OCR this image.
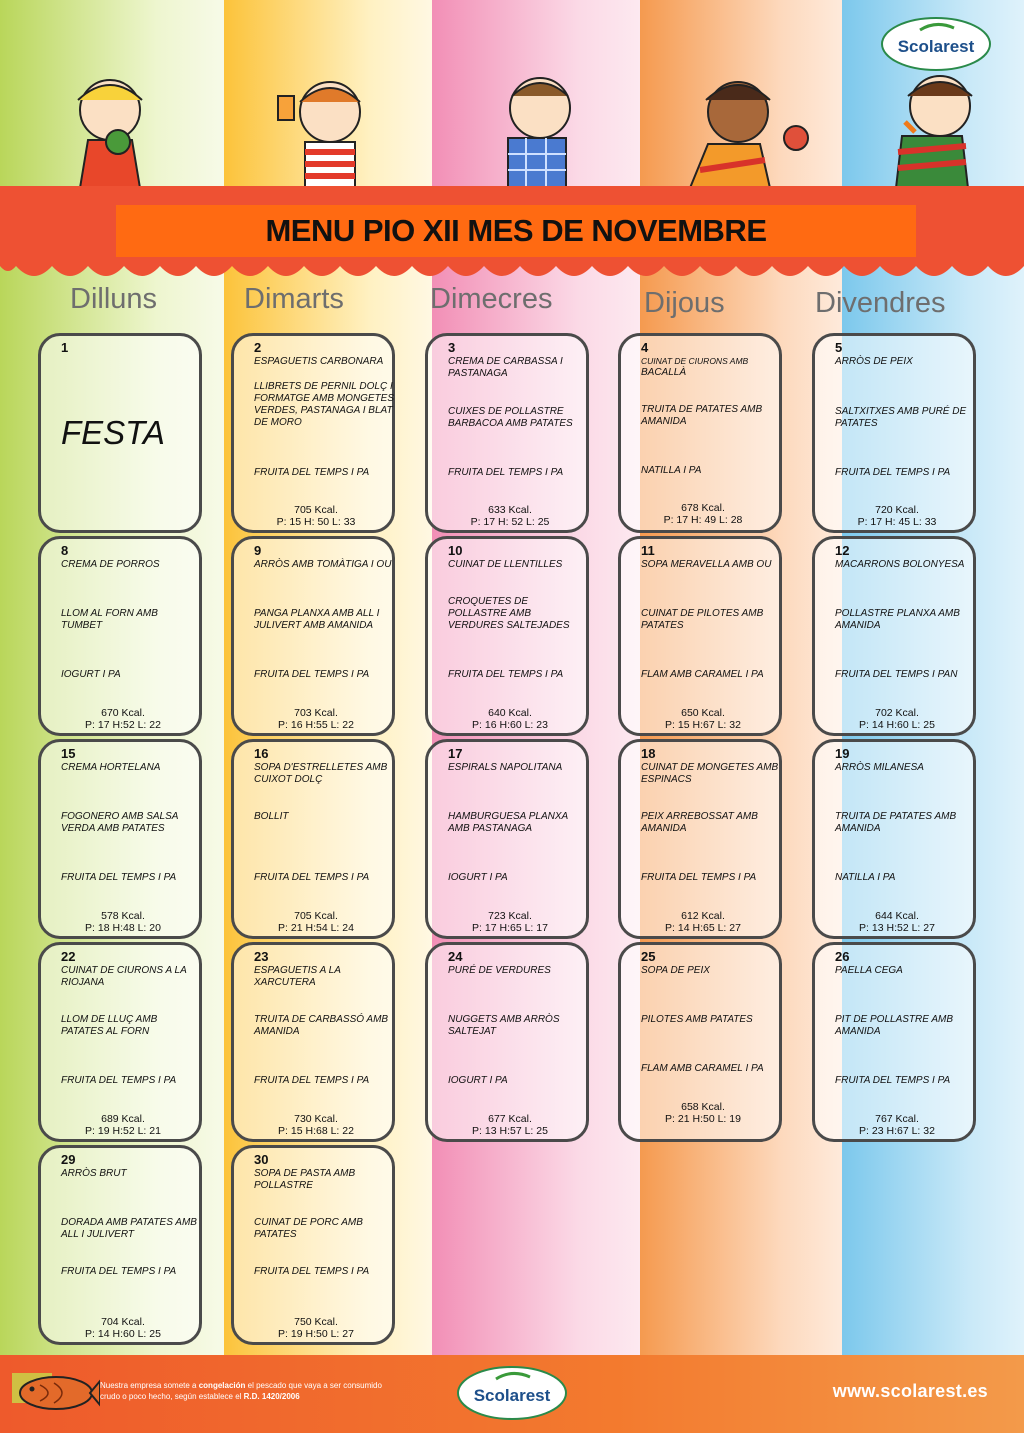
Scolarest
MENU PIO XII MES DE NOVEMBRE
Dilluns	Dimarts	Dimecres	Dijous	Divendres
1
FESTA
2
ESPAGUETIS CARBONARA
LLIBRETS DE PERNIL DOLÇ I FORMATGE AMB MONGETES VERDES, PASTANAGA I BLAT DE MORO
FRUITA DEL TEMPS I PA
705 Kcal.
P: 15 H: 50 L: 33
3
CREMA DE CARBASSA I PASTANAGA
CUIXES DE POLLASTRE BARBACOA AMB PATATES
FRUITA DEL TEMPS I PA
633 Kcal.
P: 17 H: 52 L: 25
4
CUINAT DE CIURONS AMB
BACALLÀ
TRUITA DE PATATES AMB AMANIDA
NATILLA I PA
678 Kcal.
P: 17 H: 49 L: 28
5
ARRÒS DE PEIX
SALTXITXES AMB PURÉ DE PATATES
FRUITA DEL TEMPS I PA
720 Kcal.
P: 17 H: 45 L: 33
8
CREMA DE PORROS
LLOM AL FORN AMB TUMBET
IOGURT I PA
670 Kcal.
P: 17 H:52 L: 22
9
ARRÒS AMB TOMÀTIGA I OU
PANGA PLANXA AMB ALL I JULIVERT AMB AMANIDA
FRUITA DEL TEMPS I PA
703 Kcal.
P: 16 H:55 L: 22
10
CUINAT DE LLENTILLES
CROQUETES DE POLLASTRE AMB VERDURES SALTEJADES
FRUITA DEL TEMPS I PA
640 Kcal.
P: 16 H:60 L: 23
11
SOPA MERAVELLA AMB OU
CUINAT DE PILOTES AMB PATATES
FLAM AMB CARAMEL I PA
650 Kcal.
P: 15 H:67 L: 32
12
MACARRONS BOLONYESA
POLLASTRE PLANXA AMB AMANIDA
FRUITA DEL TEMPS I PAN
702 Kcal.
P: 14 H:60 L: 25
15
CREMA HORTELANA
FOGONERO AMB SALSA VERDA AMB PATATES
FRUITA DEL TEMPS I PA
578 Kcal.
P: 18 H:48 L: 20
16
SOPA D'ESTRELLETES AMB CUIXOT DOLÇ
BOLLIT
FRUITA DEL TEMPS I PA
705 Kcal.
P: 21 H:54 L: 24
17
ESPIRALS NAPOLITANA
HAMBURGUESA PLANXA AMB PASTANAGA
IOGURT I PA
723 Kcal.
P: 17 H:65 L: 17
18
CUINAT DE MONGETES AMB ESPINACS
PEIX ARREBOSSAT AMB AMANIDA
FRUITA DEL TEMPS I PA
612 Kcal.
P: 14 H:65 L: 27
19
ARRÒS MILANESA
TRUITA DE PATATES AMB AMANIDA
NATILLA I PA
644 Kcal.
P: 13 H:52 L: 27
22
CUINAT DE CIURONS A LA RIOJANA
LLOM DE LLUÇ AMB PATATES AL FORN
FRUITA DEL TEMPS I PA
689 Kcal.
P: 19 H:52 L: 21
23
ESPAGUETIS A LA XARCUTERA
TRUITA DE CARBASSÓ AMB AMANIDA
FRUITA DEL TEMPS I PA
730 Kcal.
P: 15 H:68 L: 22
24
PURÉ DE VERDURES
NUGGETS AMB ARRÒS SALTEJAT
IOGURT I PA
677 Kcal.
P: 13 H:57 L: 25
25
SOPA DE PEIX
PILOTES AMB PATATES
FLAM AMB CARAMEL I PA
658 Kcal.
P: 21 H:50 L: 19
26
PAELLA CEGA
PIT DE POLLASTRE AMB AMANIDA
FRUITA DEL TEMPS I PA
767 Kcal.
P: 23 H:67 L: 32
29
ARRÒS BRUT
DORADA AMB PATATES AMB ALL I JULIVERT
FRUITA DEL TEMPS I PA
704 Kcal.
P: 14 H:60 L: 25
30
SOPA DE PASTA AMB POLLASTRE
CUINAT DE PORC AMB PATATES
FRUITA DEL TEMPS I PA
750 Kcal.
P: 19 H:50 L: 27
Nuestra empresa somete a congelación el pescado que vaya a ser consumido crudo o poco hecho, según establece el R.D. 1420/2006	Scolarest	www.scolarest.es
